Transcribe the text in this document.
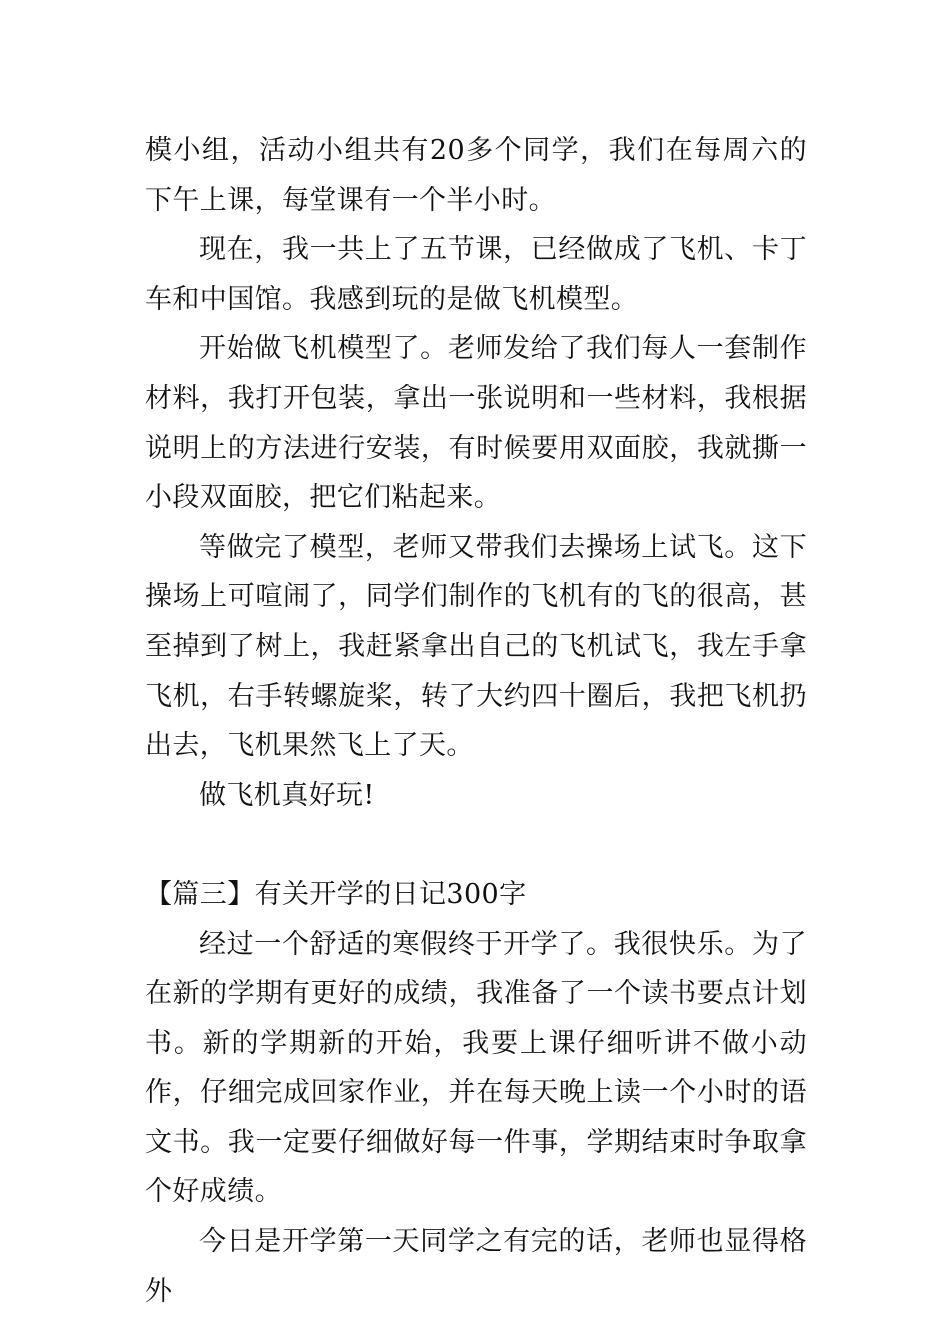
模小组，活动小组共有20多个同学，我们在每周六的下午上课，每堂课有一个半小时。

现在，我一共上了五节课，已经做成了飞机、卡丁车和中国馆。我感到玩的是做飞机模型。

开始做飞机模型了。老师发给了我们每人一套制作材料，我打开包装，拿出一张说明和一些材料，我根据说明上的方法进行安装，有时候要用双面胶，我就撕一小段双面胶，把它们粘起来。

等做完了模型，老师又带我们去操场上试飞。这下操场上可喧闹了，同学们制作的飞机有的飞的很高，甚至掉到了树上，我赶紧拿出自己的飞机试飞，我左手拿飞机，右手转螺旋桨，转了大约四十圈后，我把飞机扔出去，飞机果然飞上了天。

做飞机真好玩!

【篇三】有关开学的日记300字

经过一个舒适的寒假终于开学了。我很快乐。为了在新的学期有更好的成绩，我准备了一个读书要点计划书。新的学期新的开始，我要上课仔细听讲不做小动作，仔细完成回家作业，并在每天晚上读一个小时的语文书。我一定要仔细做好每一件事，学期结束时争取拿个好成绩。

今日是开学第一天同学之有完的话，老师也显得格外
